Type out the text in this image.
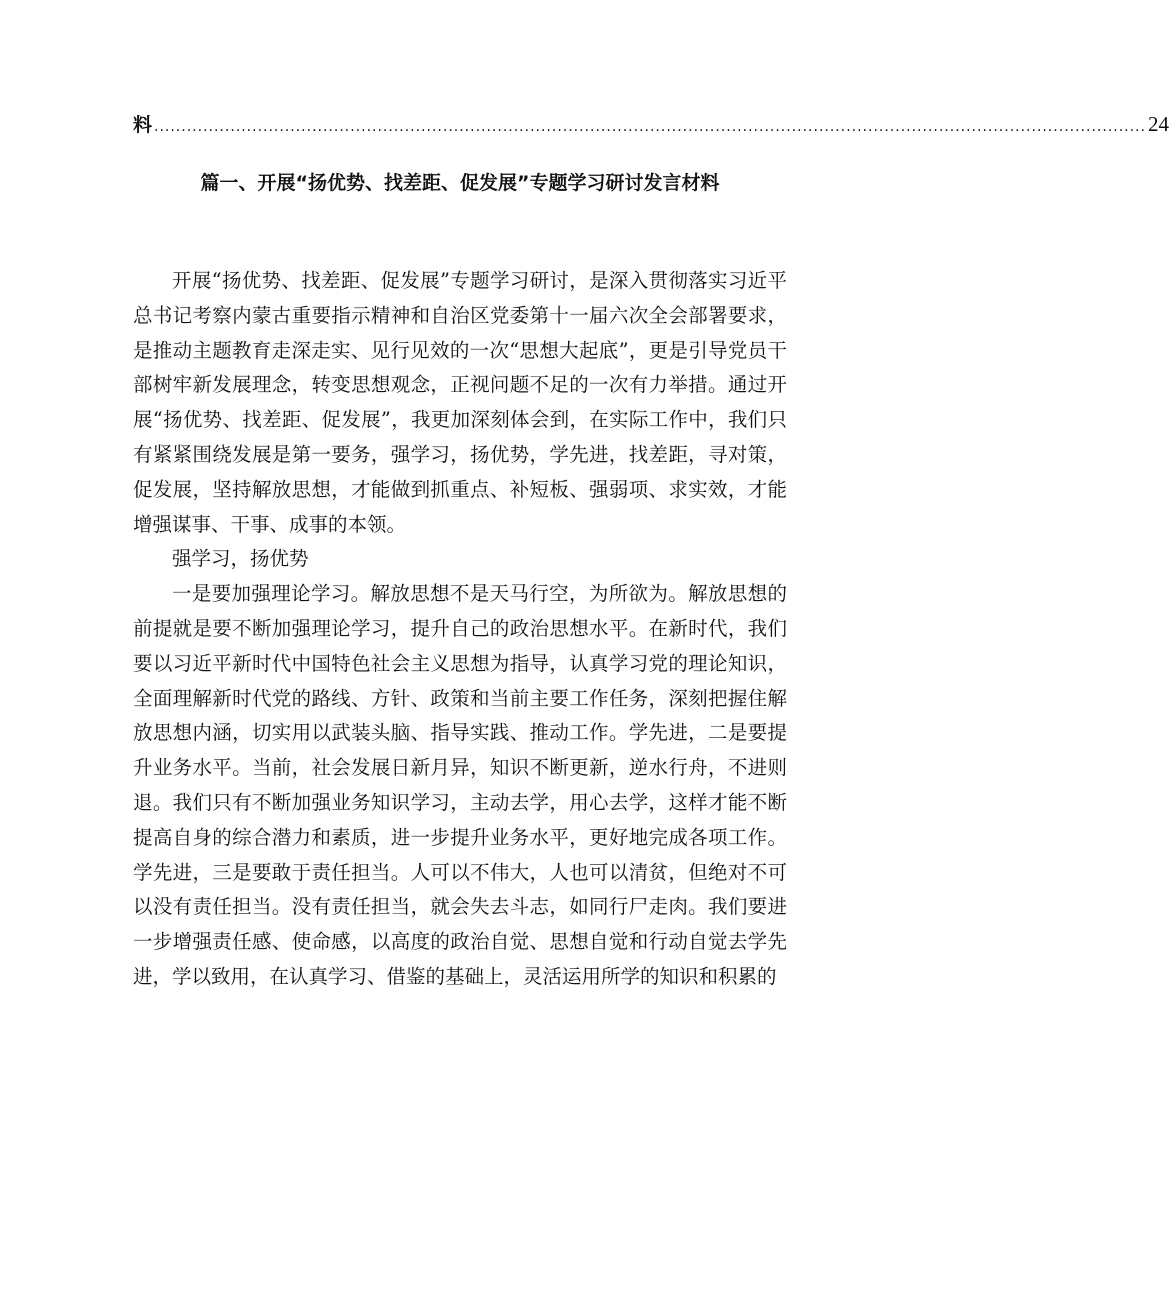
料 ...................................................................................................................................................................................... 24
篇一、开展“扬优势、找差距、促发展”专题学习研讨发言材料

开展“扬优势、找差距、促发展”专题学习研讨，是深入贯彻落实习近平总书记考察内蒙古重要指示精神和自治区党委第十一届六次全会部署要求，是推动主题教育走深走实、见行见效的一次“思想大起底”，更是引导党员干部树牢新发展理念，转变思想观念，正视问题不足的一次有力举措。通过开展“扬优势、找差距、促发展”，我更加深刻体会到，在实际工作中，我们只有紧紧围绕发展是第一要务，强学习，扬优势，学先进，找差距，寻对策，促发展，坚持解放思想，才能做到抓重点、补短板、强弱项、求实效，才能增强谋事、干事、成事的本领。

强学习，扬优势

一是要加强理论学习。解放思想不是天马行空，为所欲为。解放思想的前提就是要不断加强理论学习，提升自己的政治思想水平。在新时代，我们要以习近平新时代中国特色社会主义思想为指导，认真学习党的理论知识，全面理解新时代党的路线、方针、政策和当前主要工作任务，深刻把握住解放思想内涵，切实用以武装头脑、指导实践、推动工作。学先进，二是要提升业务水平。当前，社会发展日新月异，知识不断更新，逆水行舟，不进则退。我们只有不断加强业务知识学习，主动去学，用心去学，这样才能不断提高自身的综合潜力和素质，进一步提升业务水平，更好地完成各项工作。学先进，三是要敢于责任担当。人可以不伟大，人也可以清贫，但绝对不可以没有责任担当。没有责任担当，就会失去斗志，如同行尸走肉。我们要进一步增强责任感、使命感，以高度的政治自觉、思想自觉和行动自觉去学先进，学以致用，在认真学习、借鉴的基础上，灵活运用所学的知识和积累的
